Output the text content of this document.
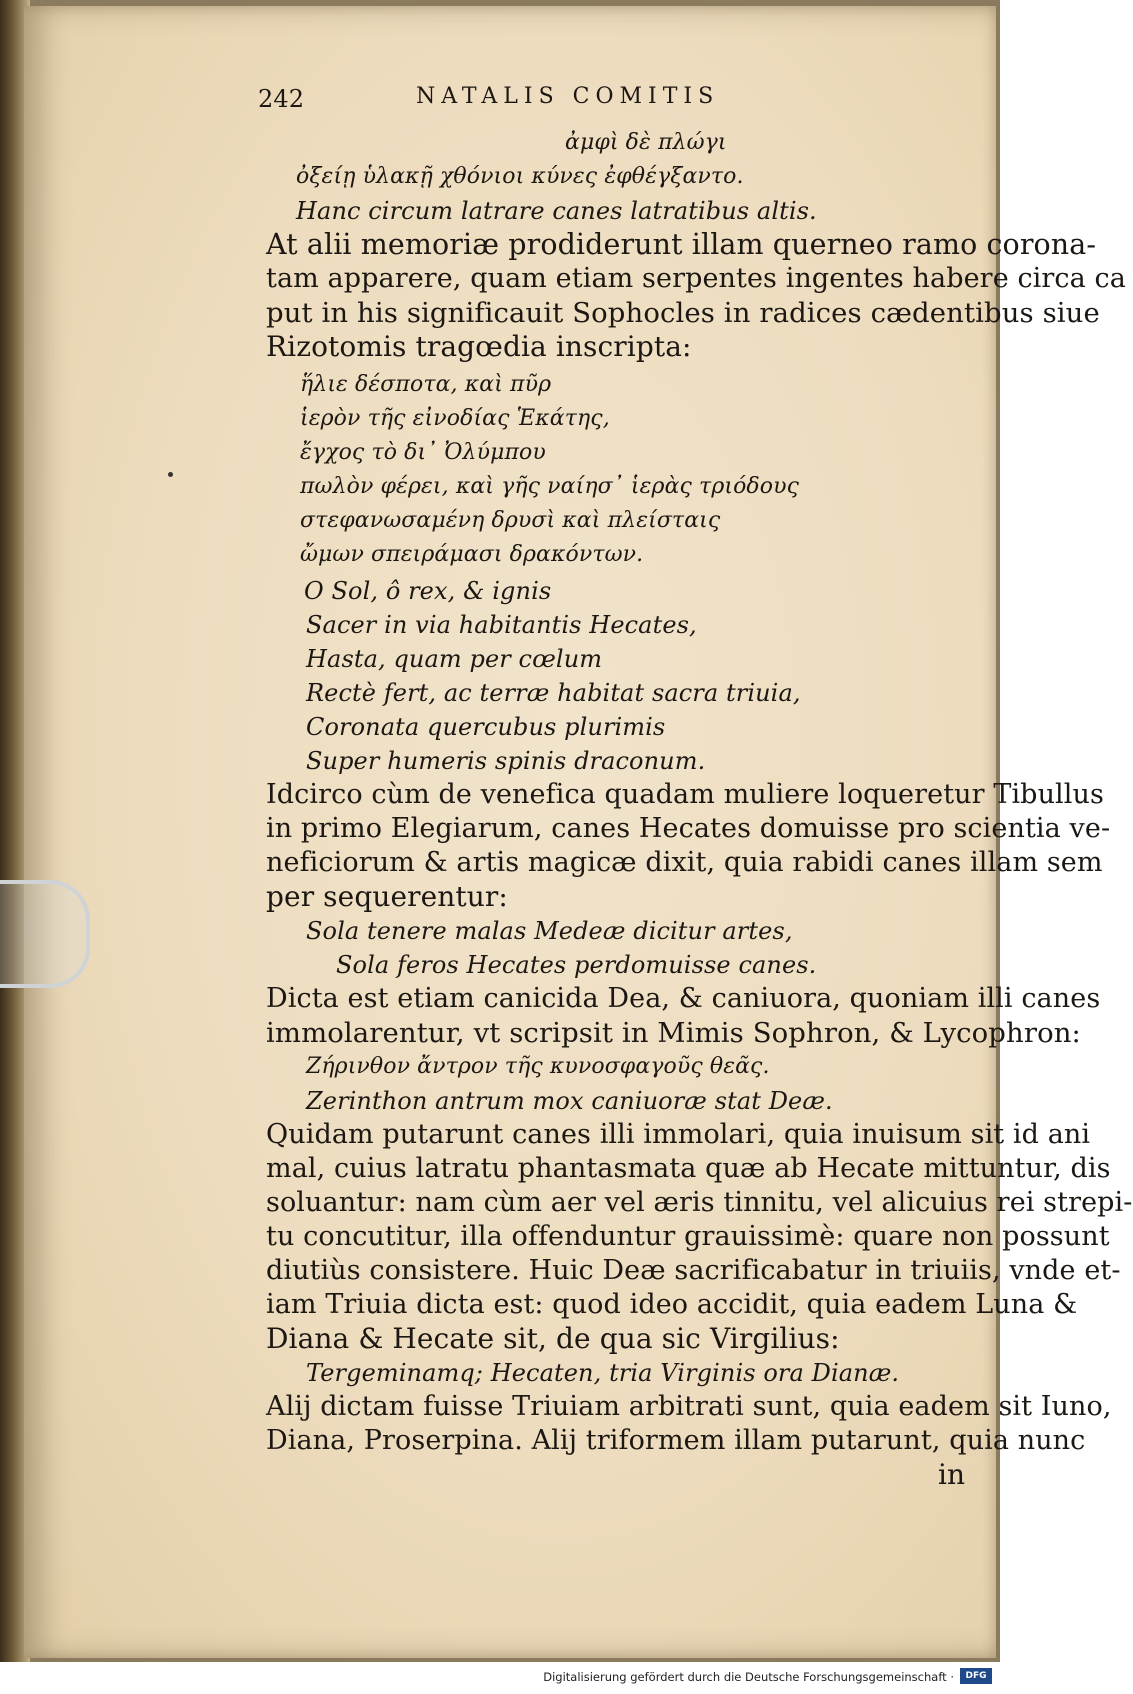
242	NATALIS COMITIS
ἀμφὶ δὲ πλώγι
ὀξείῃ ὑλακῇ χθόνιοι κύνες ἐφθέγξαντο.
Hanc circum latrare canes latratibus altis.
At alii memoriæ prodiderunt illam querneo ramo corona-
tam apparere, quam etiam serpentes ingentes habere circa ca
put in his significauit Sophocles in radices cædentibus siue
Rizotomis tragœdia inscripta:
ἥλιε δέσποτα, καὶ πῦρ
ἱερὸν τῆς εἰνοδίας Ἑκάτης,
ἔγχος τὸ δι᾽ Ὀλύμπου
πωλὸν φέρει, καὶ γῆς ναίησ᾽ ἱερὰς τριόδους
στεφανωσαμένη δρυσὶ καὶ πλείσταις
ὤμων σπειράμασι δρακόντων.
O Sol, ô rex, & ignis
Sacer in via habitantis Hecates,
Hasta, quam per cœlum
Rectè fert, ac terræ habitat sacra triuia,
Coronata quercubus plurimis
Super humeris spinis draconum.
Idcirco cùm de venefica quadam muliere loqueretur Tibullus
in primo Elegiarum, canes Hecates domuisse pro scientia ve-
neficiorum & artis magicæ dixit, quia rabidi canes illam sem
per sequerentur:
Sola tenere malas Medeæ dicitur artes,
Sola feros Hecates perdomuisse canes.
Dicta est etiam canicida Dea, & caniuora, quoniam illi canes
immolarentur, vt scripsit in Mimis Sophron, & Lycophron:
Ζήρινθον ἄντρον τῆς κυνοσφαγοῦς θεᾶς.
Zerinthon antrum mox caniuoræ stat Deæ.
Quidam putarunt canes illi immolari, quia inuisum sit id ani
mal, cuius latratu phantasmata quæ ab Hecate mittuntur, dis
soluantur: nam cùm aer vel æris tinnitu, vel alicuius rei strepi-
tu concutitur, illa offenduntur grauissimè: quare non possunt
diutiùs consistere. Huic Deæ sacrificabatur in triuiis, vnde et-
iam Triuia dicta est: quod ideo accidit, quia eadem Luna &
Diana & Hecate sit, de qua sic Virgilius:
Tergeminamq; Hecaten, tria Virginis ora Dianæ.
Alij dictam fuisse Triuiam arbitrati sunt, quia eadem sit Iuno,
Diana, Proserpina. Alij triformem illam putarunt, quia nunc
in
Digitalisierung gefördert durch die Deutsche Forschungsgemeinschaft ·	DFG
